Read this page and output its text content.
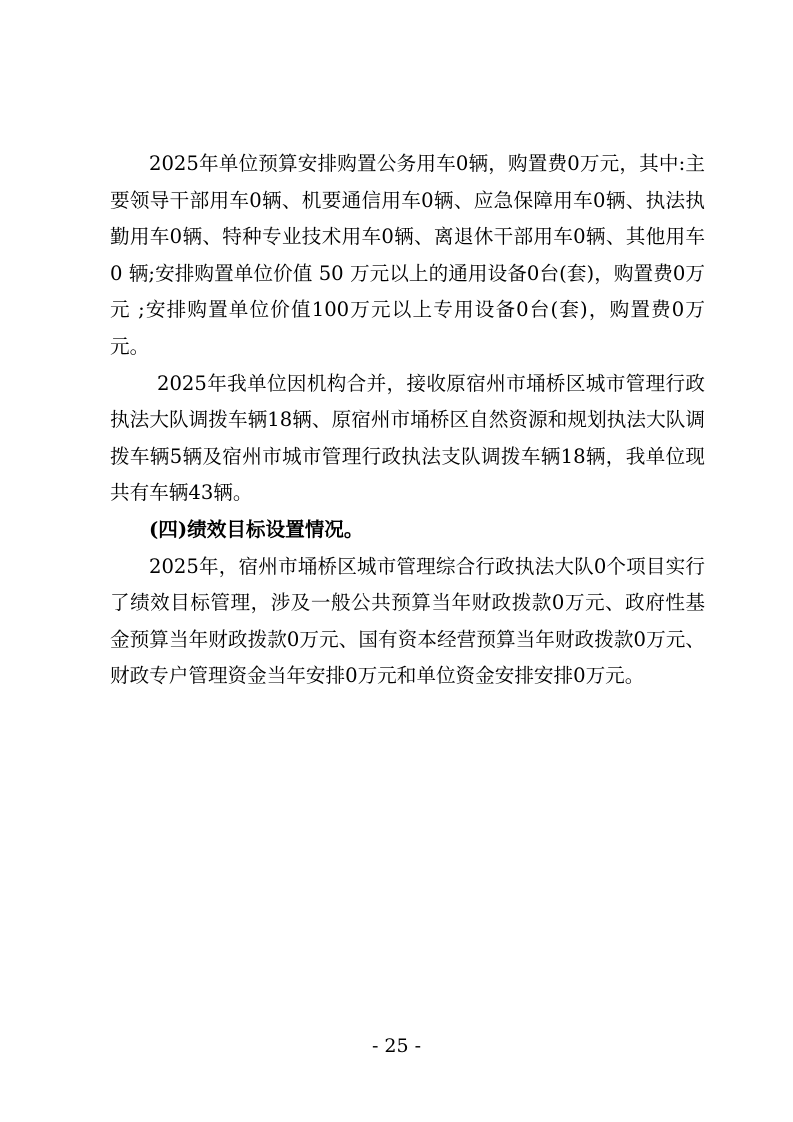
2025年单位预算安排购置公务用车0辆，购置费0万元，其中:主要领导干部用车0辆、机要通信用车0辆、应急保障用车0辆、执法执勤用车0辆、特种专业技术用车0辆、离退休干部用车0辆、其他用车0 辆;安排购置单位价值 50 万元以上的通用设备0台(套)，购置费0万元 ;安排购置单位价值100万元以上专用设备0台(套)，购置费0万元。

2025年我单位因机构合并，接收原宿州市埇桥区城市管理行政执法大队调拨车辆18辆、原宿州市埇桥区自然资源和规划执法大队调拨车辆5辆及宿州市城市管理行政执法支队调拨车辆18辆，我单位现共有车辆43辆。

(四)绩效目标设置情况。

2025年，宿州市埇桥区城市管理综合行政执法大队0个项目实行了绩效目标管理，涉及一般公共预算当年财政拨款0万元、政府性基金预算当年财政拨款0万元、国有资本经营预算当年财政拨款0万元、财政专户管理资金当年安排0万元和单位资金安排安排0万元。

- 25 -
